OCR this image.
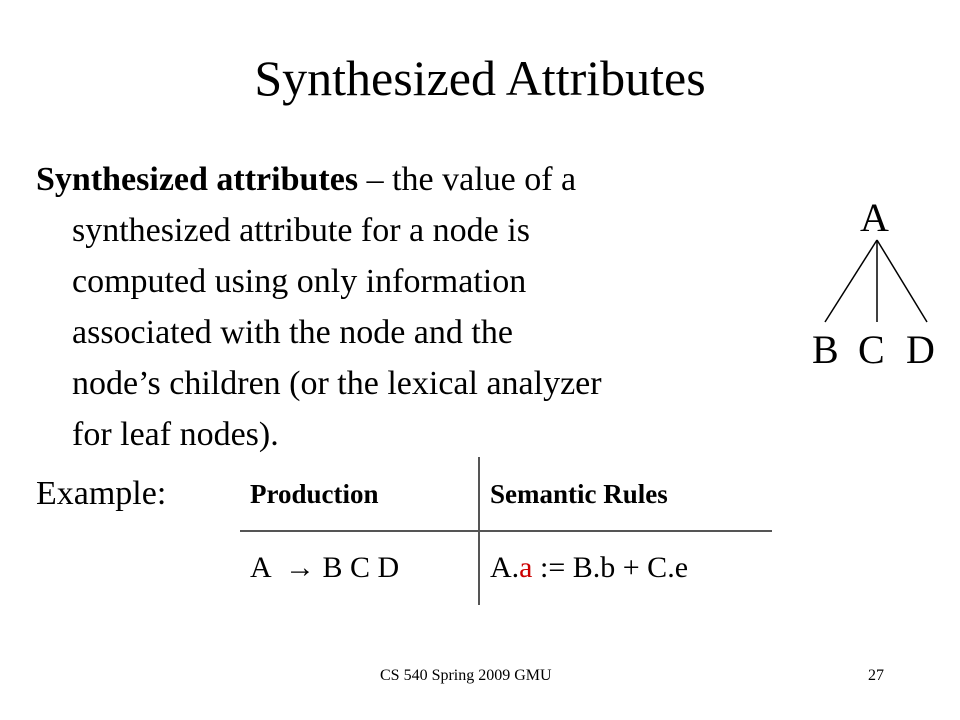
Synthesized Attributes

Synthesized attributes – the value of a
synthesized attribute for a node is
computed using only information
associated with the node and the
node’s children (or the lexical analyzer
for leaf nodes).

Example:	Production	Semantic Rules
A  → B C D	A. a := B.b + C.e
A
B C D
CS 540 Spring 2009 GMU	27
